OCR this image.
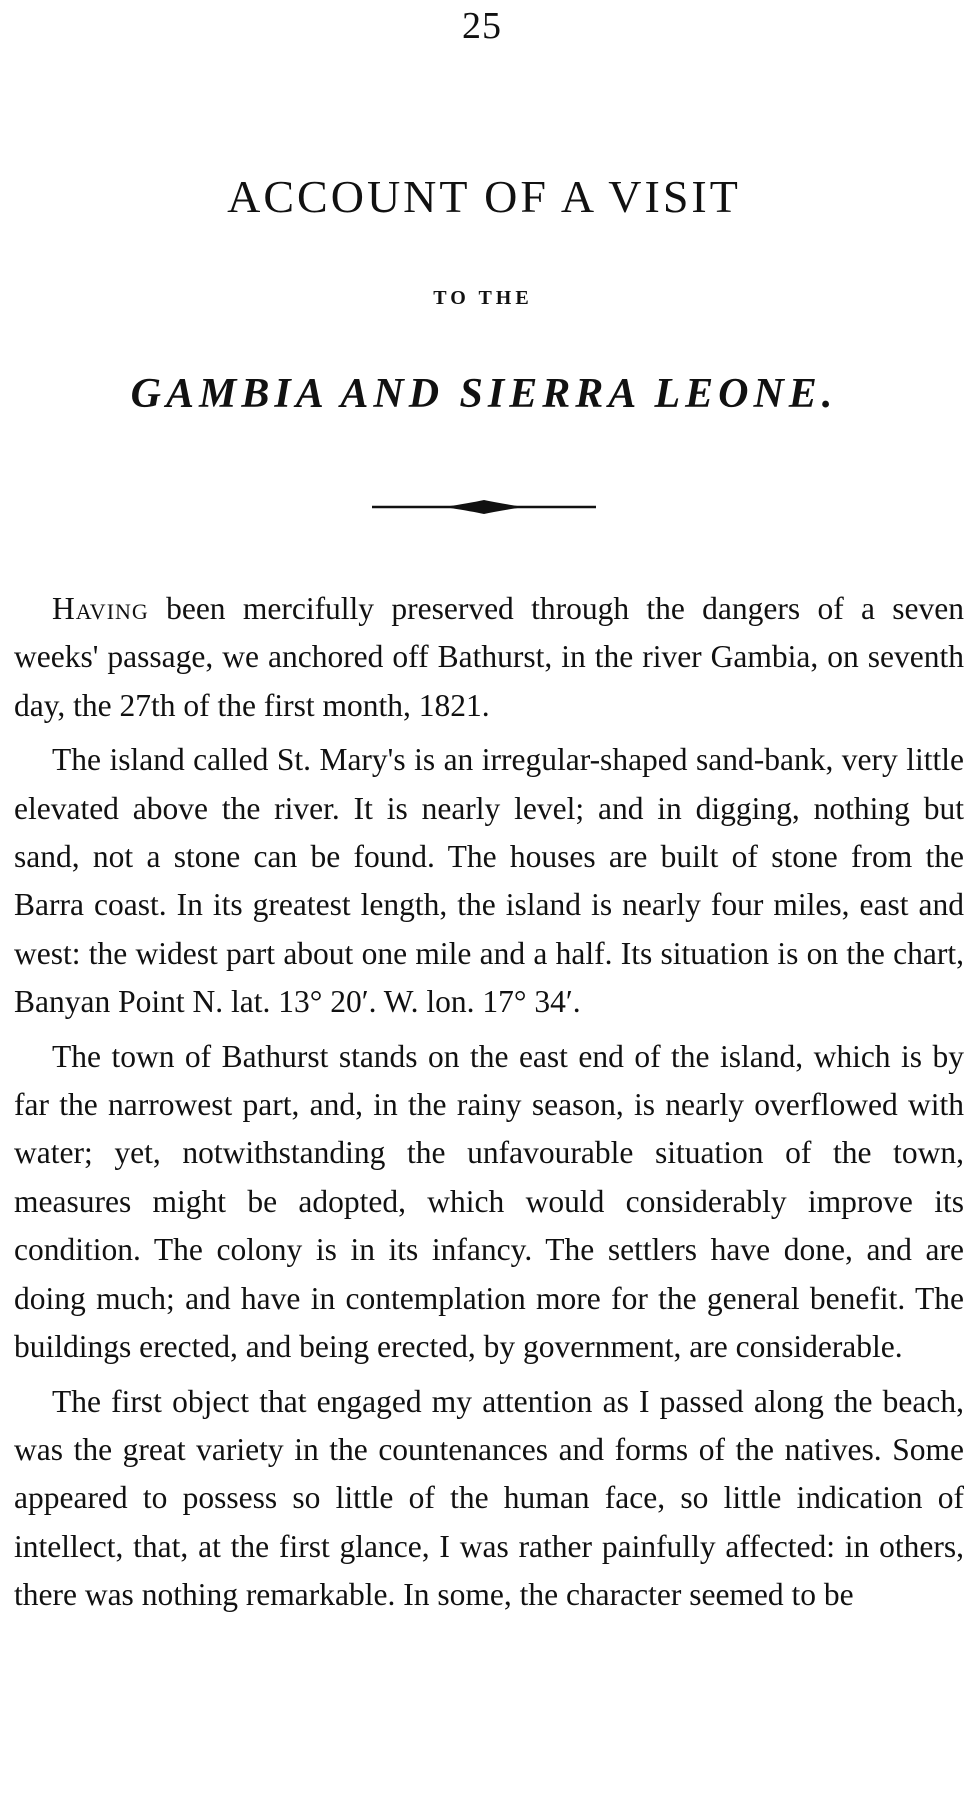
25
ACCOUNT OF A VISIT
TO THE
GAMBIA AND SIERRA LEONE.

Having been mercifully preserved through the dangers of a seven weeks' passage, we anchored off Bathurst, in the river Gambia, on seventh day, the 27th of the first month, 1821.

The island called St. Mary's is an irregular-shaped sand-bank, very little elevated above the river. It is nearly level; and in digging, nothing but sand, not a stone can be found. The houses are built of stone from the Barra coast. In its greatest length, the island is nearly four miles, east and west: the widest part about one mile and a half. Its situation is on the chart, Banyan Point N. lat. 13° 20′. W. lon. 17° 34′.

The town of Bathurst stands on the east end of the island, which is by far the narrowest part, and, in the rainy season, is nearly overflowed with water; yet, notwithstanding the unfavourable situation of the town, measures might be adopted, which would considerably improve its condition. The colony is in its infancy. The settlers have done, and are doing much; and have in contemplation more for the general benefit. The buildings erected, and being erected, by government, are considerable.

The first object that engaged my attention as I passed along the beach, was the great variety in the countenances and forms of the natives. Some appeared to possess so little of the human face, so little indication of intellect, that, at the first glance, I was rather painfully affected: in others, there was nothing remarkable. In some, the character seemed to be
